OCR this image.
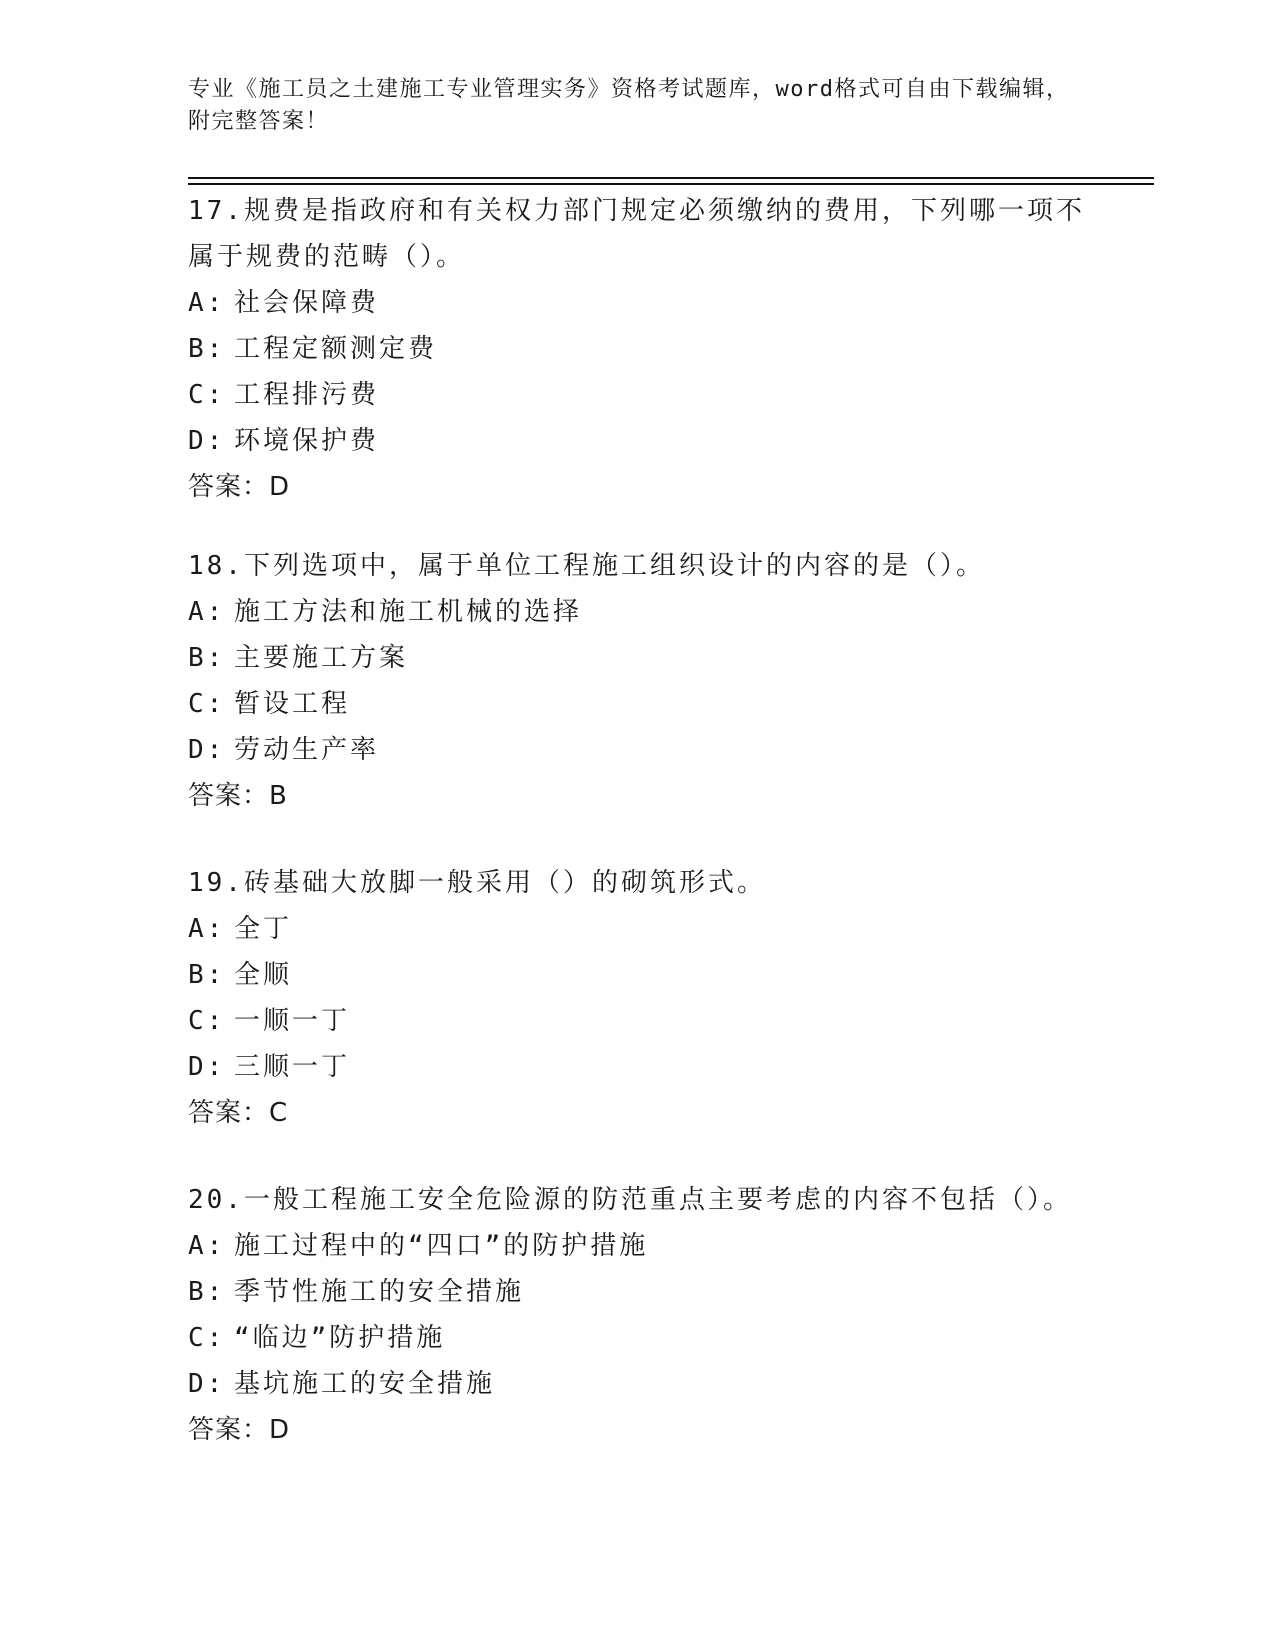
专业《施工员之土建施工专业管理实务》资格考试题库，word格式可自由下载编辑，附完整答案！
17.规费是指政府和有关权力部门规定必须缴纳的费用，下列哪一项不属于规费的范畴（）。
A: 社会保障费
B: 工程定额测定费
C: 工程排污费
D: 环境保护费
答案：D
18.下列选项中，属于单位工程施工组织设计的内容的是（）。
A: 施工方法和施工机械的选择
B: 主要施工方案
C: 暂设工程
D: 劳动生产率
答案：B
19.砖基础大放脚一般采用（）的砌筑形式。
A: 全丁
B: 全顺
C: 一顺一丁
D: 三顺一丁
答案：C
20.一般工程施工安全危险源的防范重点主要考虑的内容不包括（）。
A: 施工过程中的“四口”的防护措施
B: 季节性施工的安全措施
C: “临边”防护措施
D: 基坑施工的安全措施
答案：D
